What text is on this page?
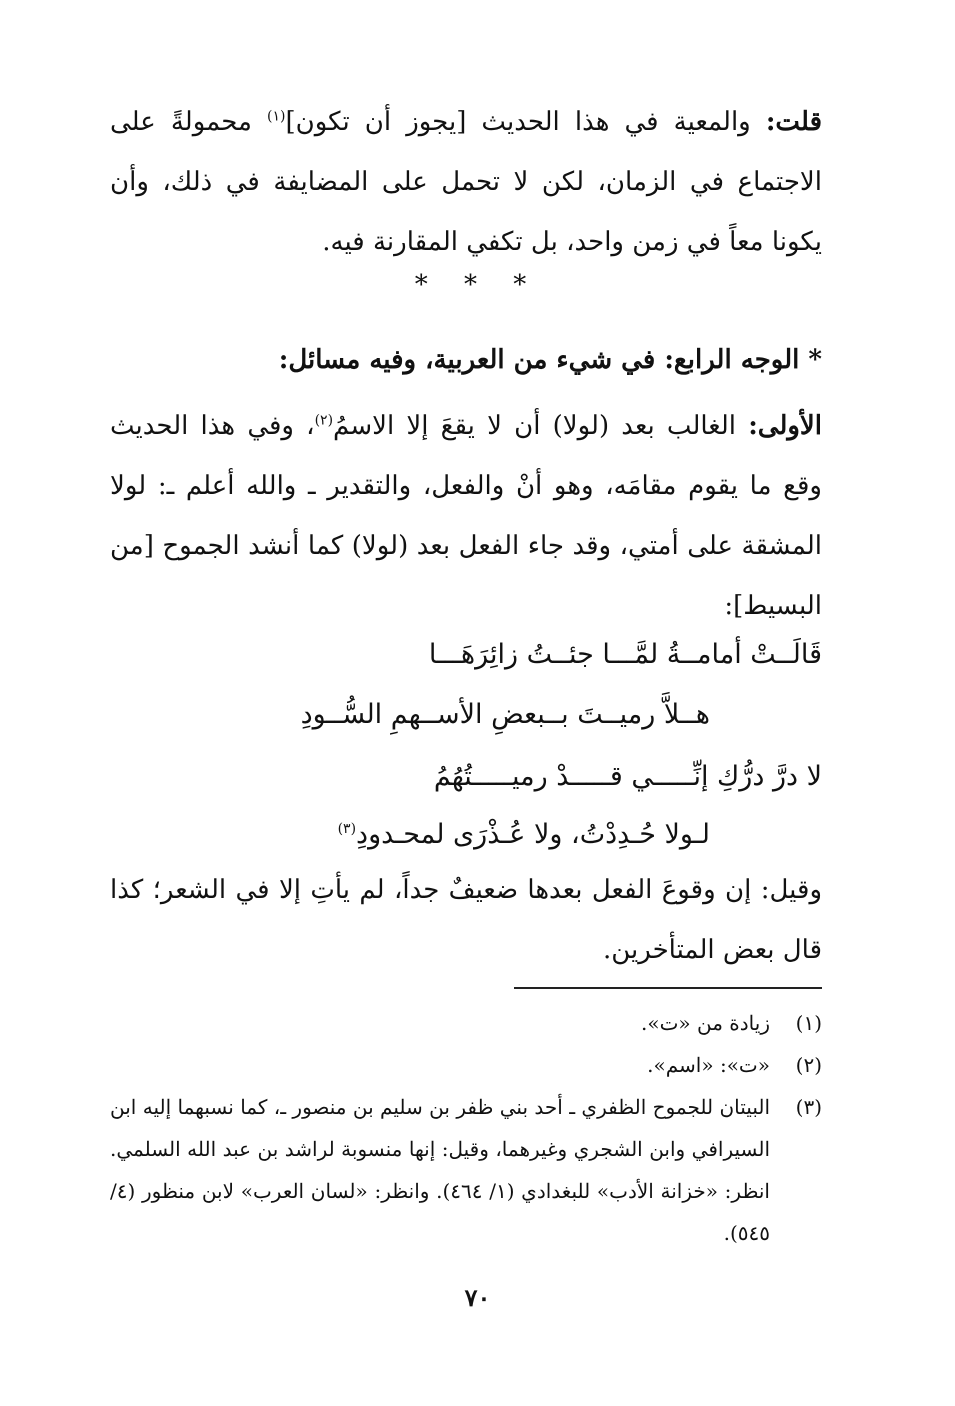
قلت: والمعية في هذا الحديث [يجوز أن تكون]$^{(١)}$ محمولةً على الاجتماع في الزمان، لكن لا تحمل على المضايفة في ذلك، وأن يكونا معاً في زمن واحد، بل تكفي المقارنة فيه.
* * *
* الوجه الرابع: في شيء من العربية، وفيه مسائل:
الأولى: الغالب بعد (لولا) أن لا يقعَ إلا الاسمُ$^{(٢)}$، وفي هذا الحديث وقع ما يقوم مقامَه، وهو أنْ والفعل، والتقدير ـ والله أعلم ـ: لولا المشقة على أمتي، وقد جاء الفعل بعد (لولا) كما أنشد الجموح [من البسيط]:
قَالَــتْ أمامــةُ لمَّـــا جئــتُ زائِرَهَـــا
هــلاَّ رميــتَ بــبعضِ الأســهمِ السُّــودِ
لا درَّ درُّكِ إنِّـــــي قـــــدْ رميـــــتُهُمُ
لـولا حُـدِدْتُ، ولا عُـذْرَى لمحـدودِ$^{(٣)}$
وقيل: إن وقوعَ الفعل بعدها ضعيفٌ جداً، لم يأتِ إلا في الشعر؛ كذا قال بعض المتأخرين.
(١)
زيادة من «ت».
(٢)
«ت»: «اسم».
(٣)
البيتان للجموح الظفري ـ أحد بني ظفر بن سليم بن منصور ـ، كما نسبهما إليه ابن السيرافي وابن الشجري وغيرهما، وقيل: إنها منسوبة لراشد بن عبد الله السلمي. انظر: «خزانة الأدب» للبغدادي (١/ ٤٦٤). وانظر: «لسان العرب» لابن منظور (٤/ ٥٤٥).
٧٠
